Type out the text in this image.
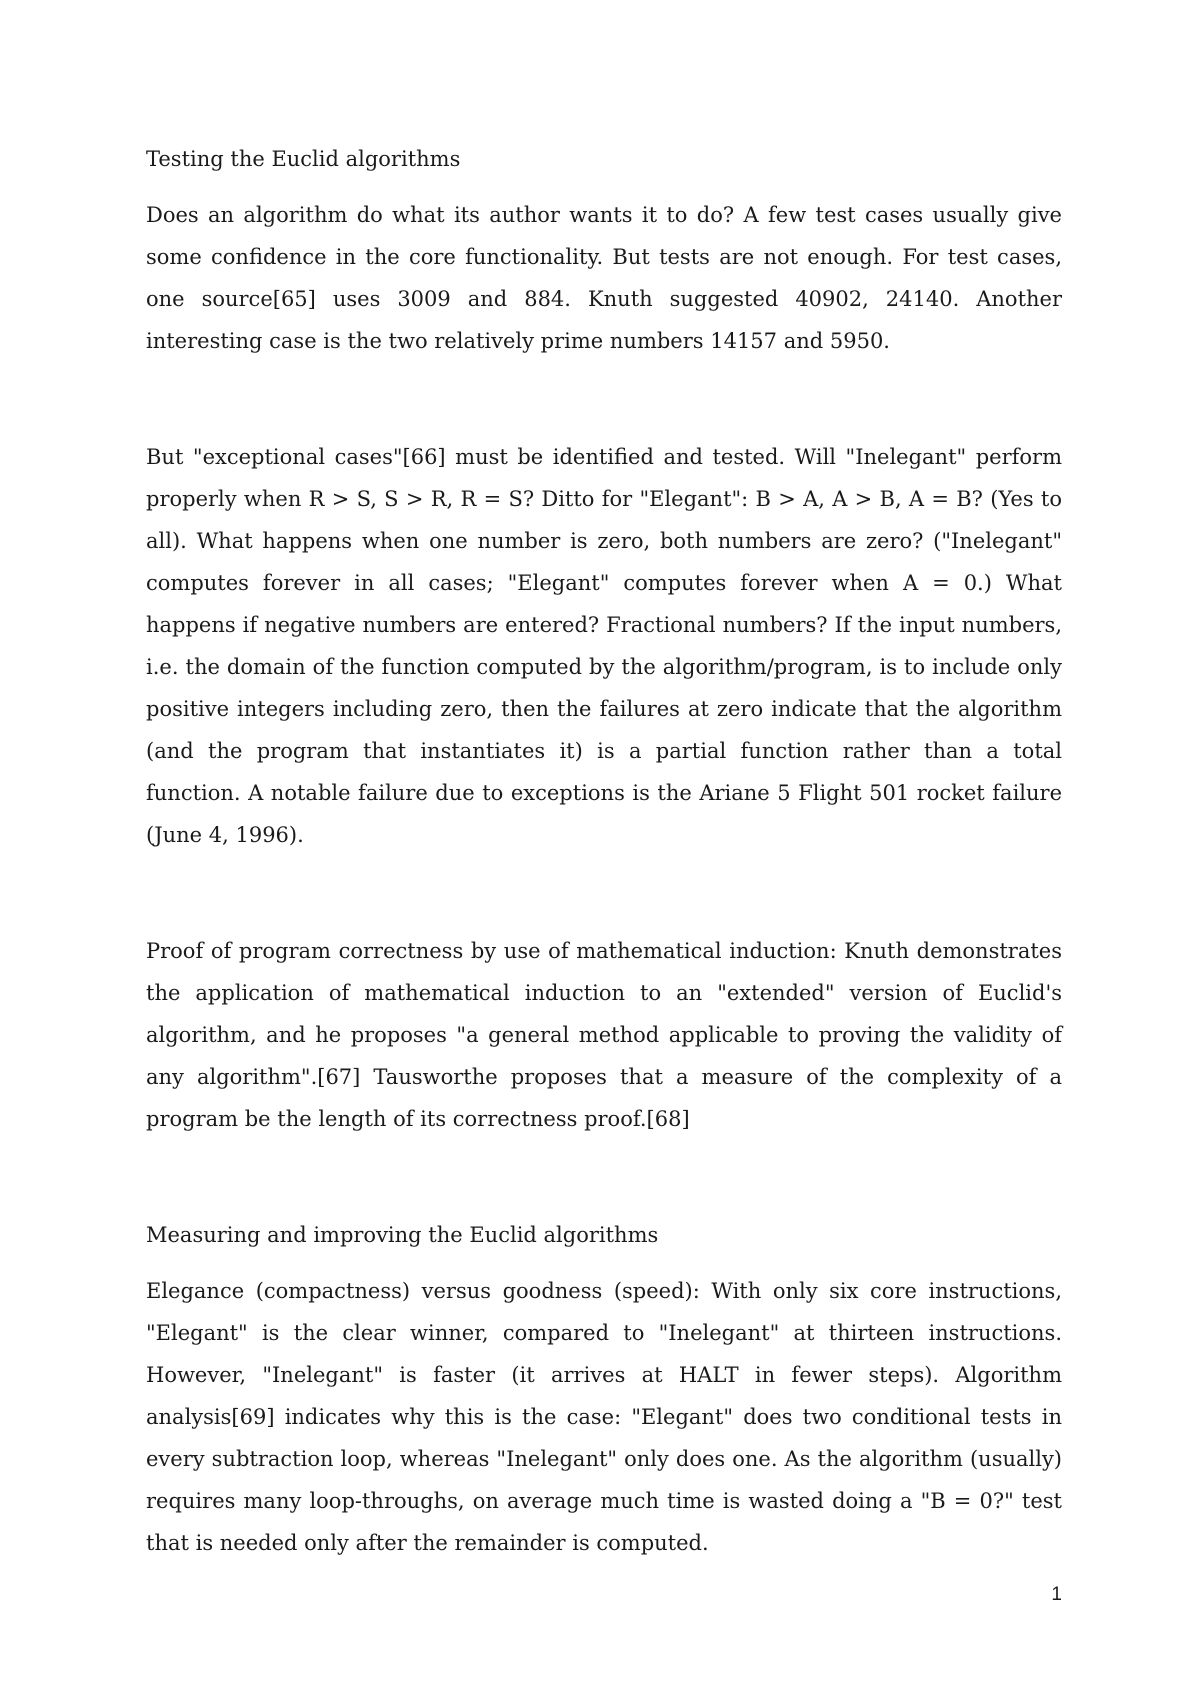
Testing the Euclid algorithms

Does an algorithm do what its author wants it to do? A few test cases usually give some confidence in the core functionality. But tests are not enough. For test cases, one source[65] uses 3009 and 884. Knuth suggested 40902, 24140. Another interesting case is the two relatively prime numbers 14157 and 5950.

But "exceptional cases"[66] must be identified and tested. Will "Inelegant" perform properly when R > S, S > R, R = S? Ditto for "Elegant": B > A, A > B, A = B? (Yes to all). What happens when one number is zero, both numbers are zero? ("Inelegant" computes forever in all cases; "Elegant" computes forever when A = 0.) What happens if negative numbers are entered? Fractional numbers? If the input numbers, i.e. the domain of the function computed by the algorithm/program, is to include only positive integers including zero, then the failures at zero indicate that the algorithm (and the program that instantiates it) is a partial function rather than a total function. A notable failure due to exceptions is the Ariane 5 Flight 501 rocket failure (June 4, 1996).

Proof of program correctness by use of mathematical induction: Knuth demonstrates the application of mathematical induction to an "extended" version of Euclid's algorithm, and he proposes "a general method applicable to proving the validity of any algorithm".[67] Tausworthe proposes that a measure of the complexity of a program be the length of its correctness proof.[68]

Measuring and improving the Euclid algorithms

Elegance (compactness) versus goodness (speed): With only six core instructions, "Elegant" is the clear winner, compared to "Inelegant" at thirteen instructions. However, "Inelegant" is faster (it arrives at HALT in fewer steps). Algorithm analysis[69] indicates why this is the case: "Elegant" does two conditional tests in every subtraction loop, whereas "Inelegant" only does one. As the algorithm (usually) requires many loop-throughs, on average much time is wasted doing a "B = 0?" test that is needed only after the remainder is computed.

1
